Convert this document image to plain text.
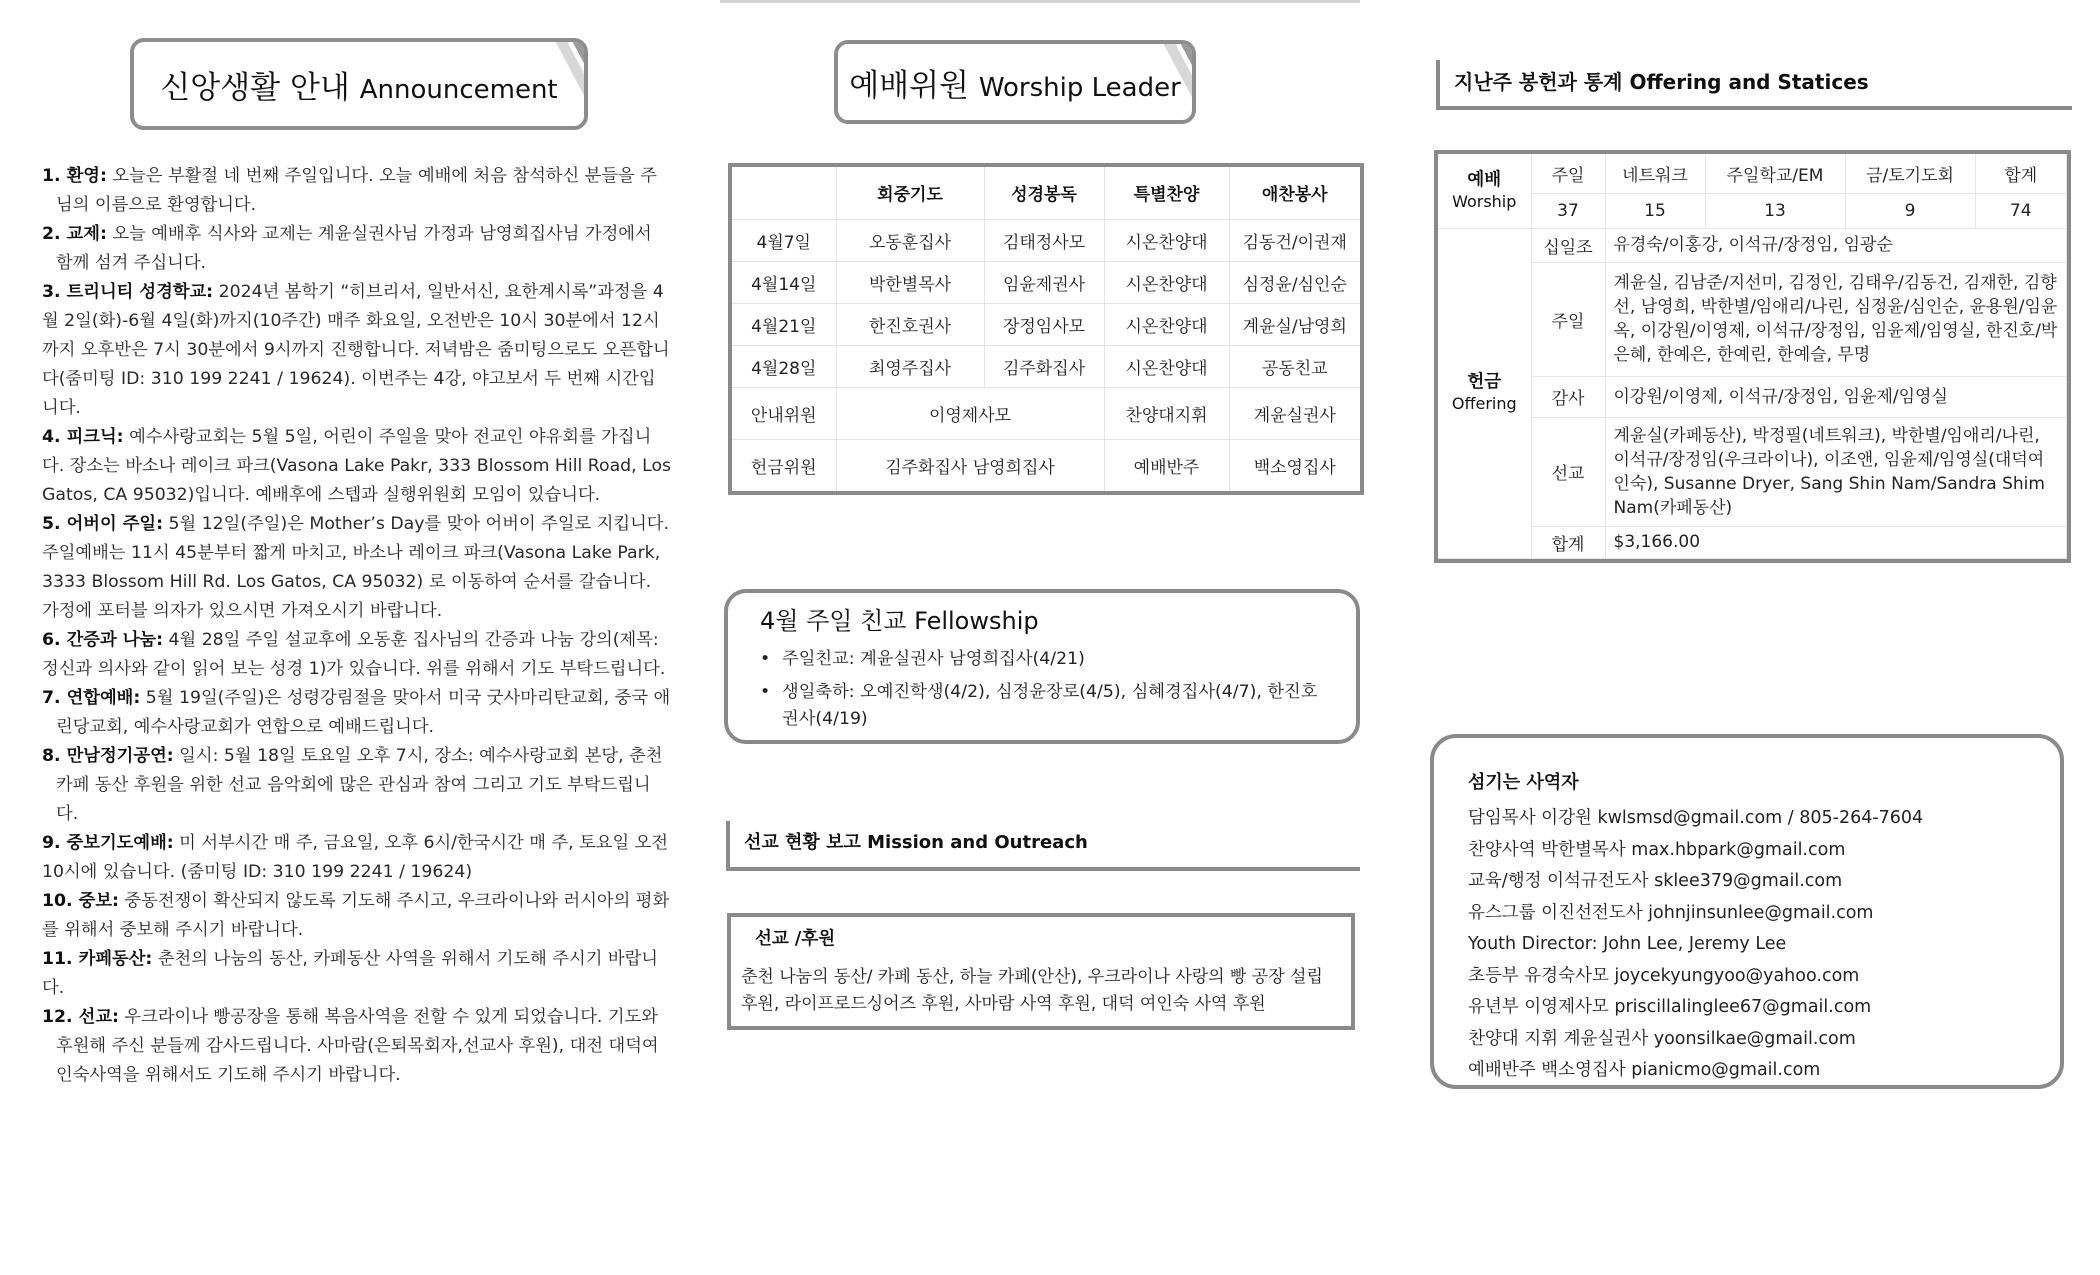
신앙생활 안내 Announcement

1. 환영: 오늘은 부활절 네 번째 주일입니다. 오늘 예배에 처음 참석하신 분들을 주님의 이름으로 환영합니다.

2. 교제: 오늘 예배후 식사와 교제는 계윤실권사님 가정과 남영희집사님 가정에서 함께 섬겨 주십니다.

3. 트리니티 성경학교: 2024년 봄학기 “히브리서, 일반서신, 요한계시록”과정을 4월 2일(화)-6월 4일(화)까지(10주간) 매주 화요일, 오전반은 10시 30분에서 12시까지 오후반은 7시 30분에서 9시까지 진행합니다. 저녁밤은 줌미팅으로도 오픈합니다(줌미팅 ID: 310 199 2241 / 19624). 이번주는 4강, 야고보서 두 번째 시간입니다.

4. 피크닉: 예수사랑교회는 5월 5일, 어린이 주일을 맞아 전교인 야유회를 가집니다. 장소는 바소나 레이크 파크(Vasona Lake Pakr, 333 Blossom Hill Road, Los Gatos, CA 95032)입니다. 예배후에 스텝과 실행위원회 모임이 있습니다.

5. 어버이 주일: 5월 12일(주일)은 Mother’s Day를 맞아 어버이 주일로 지킵니다. 주일예배는 11시 45분부터 짧게 마치고, 바소나 레이크 파크(Vasona Lake Park, 3333 Blossom Hill Rd. Los Gatos, CA 95032) 로 이동하여 순서를 갈습니다. 가정에 포터블 의자가 있으시면 가져오시기 바랍니다.

6. 간증과 나눔: 4월 28일 주일 설교후에 오동훈 집사님의 간증과 나눔 강의(제목: 정신과 의사와 같이 읽어 보는 성경 1)가 있습니다. 위를 위해서 기도 부탁드립니다.

7. 연합예배: 5월 19일(주일)은 성령강림절을 맞아서 미국 굿사마리탄교회, 중국 애린당교회, 예수사랑교회가 연합으로 예배드립니다.

8. 만남정기공연: 일시: 5월 18일 토요일 오후 7시, 장소: 예수사랑교회 본당, 춘천 카페 동산 후원을 위한 선교 음악회에 많은 관심과 참여 그리고 기도 부탁드립니다.

9. 중보기도예배: 미 서부시간 매 주, 금요일, 오후 6시/한국시간 매 주, 토요일 오전 10시에 있습니다. (줌미팅 ID: 310 199 2241 / 19624)

10. 중보: 중동전쟁이 확산되지 않도록 기도해 주시고, 우크라이나와 러시아의 평화를 위해서 중보해 주시기 바랍니다.

11. 카페동산: 춘천의 나눔의 동산, 카페동산 사역을 위해서 기도해 주시기 바랍니다.

12. 선교: 우크라이나 빵공장을 통해 복음사역을 전할 수 있게 되었습니다. 기도와 후원해 주신 분들께 감사드립니다. 사마람(은퇴목회자,선교사 후원), 대전 대덕여인숙사역을 위해서도 기도해 주시기 바랍니다.

예배위원 Worship Leader
	회중기도	성경봉독	특별찬양	애찬봉사
4월7일	오동훈집사	김태정사모	시온찬양대	김동건/이권재
4월14일	박한별목사	임윤제권사	시온찬양대	심정윤/심인순
4월21일	한진호권사	장정임사모	시온찬양대	계윤실/남영희
4월28일	최영주집사	김주화집사	시온찬양대	공동친교
안내위원	이영제사모		찬양대지휘	계윤실권사
헌금위원	김주화집사 남영희집사		예배반주	백소영집사
4월 주일 친교 Fellowship
• 주일친교: 계윤실권사 남영희집사(4/21)
• 생일축하: 오예진학생(4/2), 심정윤장로(4/5), 심혜경집사(4/7), 한진호권사(4/19)
선교 현황 보고 Mission and Outreach
선교 /후원
춘천 나눔의 동산/ 카페 동산, 하늘 카페(안산), 우크라이나 사랑의 빵 공장 설립 후원, 라이프로드싱어즈 후원, 사마람 사역 후원, 대덕 여인숙 사역 후원
지난주 봉헌과 통계 Offering and Statices
예배
Worship	주일	네트워크	주일학교/EM	금/토기도회	합계
	37	15	13	9	74
헌금
Offering	십일조	유경숙/이홍강, 이석규/장정임, 임광순			
	주일	계윤실, 김남준/지선미, 김정인, 김태우/김동건, 김재한, 김향선, 남영희, 박한별/임애리/나린, 심정윤/심인순, 윤용원/임윤옥, 이강원/이영제, 이석규/장정임, 임윤제/임영실, 한진호/박은혜, 한예은, 한예린, 한예슬, 무명			
	감사	이강원/이영제, 이석규/장정임, 임윤제/임영실			
	선교	계윤실(카페동산), 박정필(네트워크), 박한별/임애리/나린, 이석규/장정임(우크라이나), 이조앤, 임윤제/임영실(대덕여인숙), Susanne Dryer, Sang Shin Nam/Sandra Shim Nam(카페동산)			
	합계	$3,166.00			
섬기는 사역자
담임목사 이강원 kwlsmsd@gmail.com / 805-264-7604
찬양사역 박한별목사 max.hbpark@gmail.com
교육/행정 이석규전도사 sklee379@gmail.com
유스그룹 이진선전도사 johnjinsunlee@gmail.com
Youth Director: John Lee, Jeremy Lee
초등부 유경숙사모 joycekyungyoo@yahoo.com
유년부 이영제사모 priscillalinglee67@gmail.com
찬양대 지휘 계윤실권사 yoonsilkae@gmail.com
예배반주 백소영집사 pianicmo@gmail.com
